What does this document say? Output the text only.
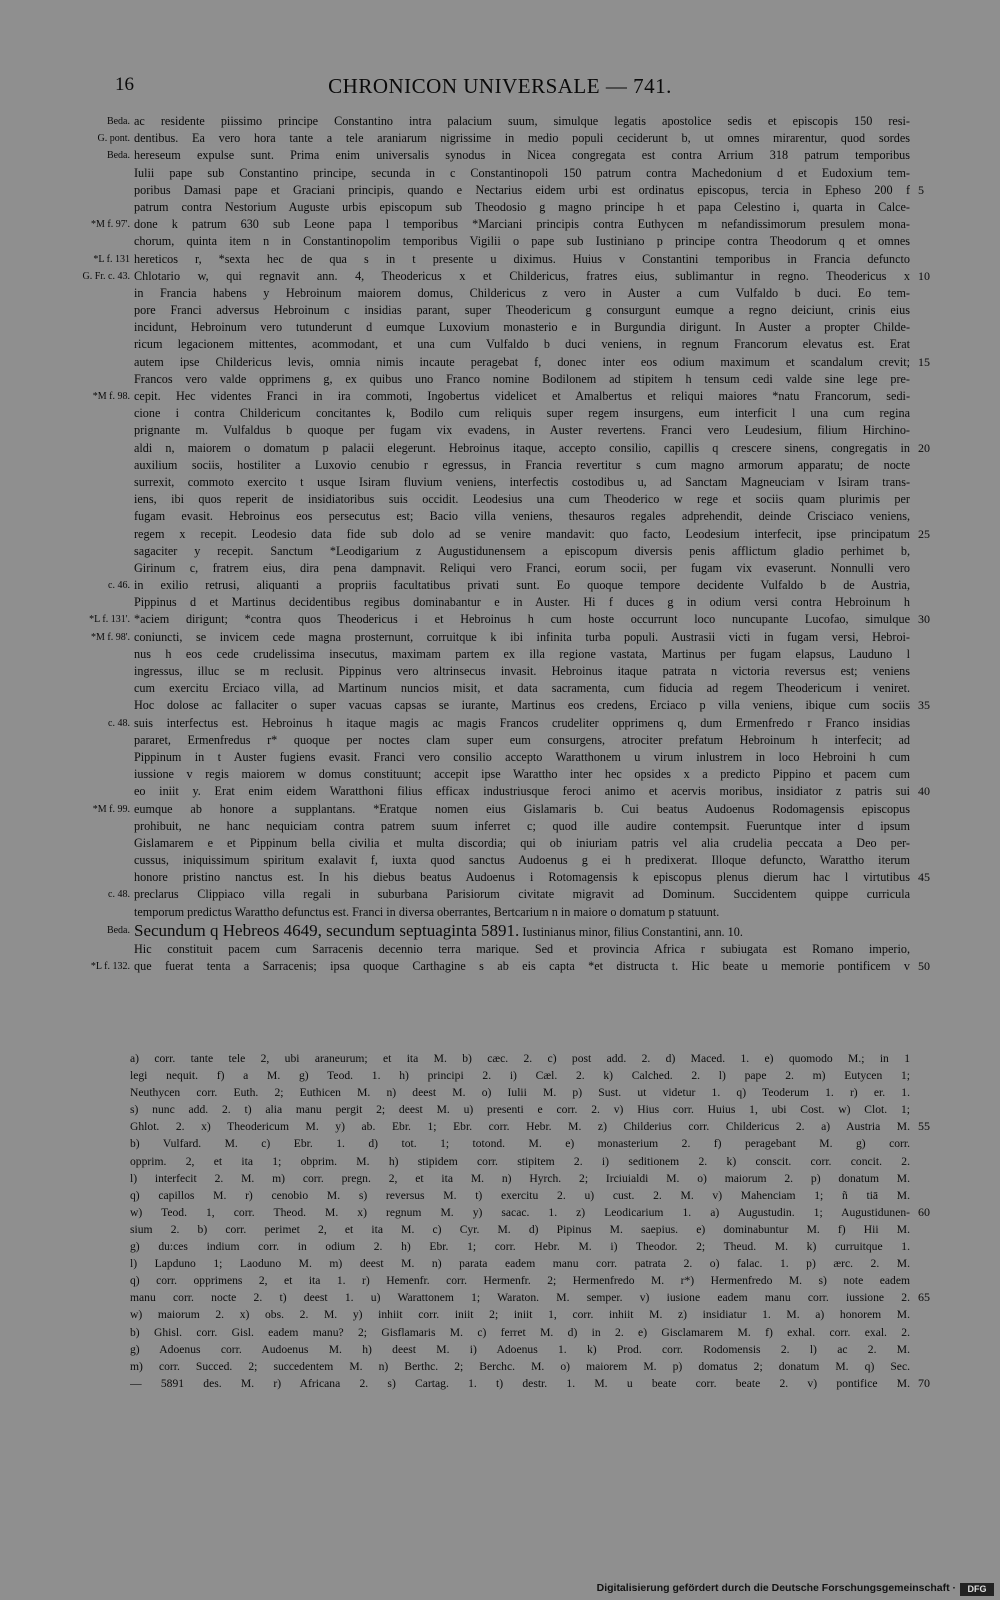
16	CHRONICON UNIVERSALE — 741.
Beda. ac residente piissimo principe Constantino intra palacium suum, simulque legatis apostolice sedis et episcopis 150 resi-
G. pont. dentibus. Ea vero hora tante a tele araniarum nigrissime in medio populi ceciderunt b, ut omnes mirarentur, quod sordes
Beda. hereseum expulse sunt. Prima enim universalis synodus in Nicea congregata est contra Arrium 318 patrum temporibus
Iulii pape sub Constantino principe, secunda in c Constantinopoli 150 patrum contra Machedonium d et Eudoxium tem-
poribus Damasi pape et Graciani principis, quando e Nectarius eidem urbi est ordinatus episcopus, tercia in Epheso 200 f 5
patrum contra Nestorium Auguste urbis episcopum sub Theodosio g magno principe h et papa Celestino i, quarta in Calce-
*M f. 97'. done k patrum 630 sub Leone papa l temporibus *Marciani principis contra Euthycen m nefandissimorum presulem mona-
chorum, quinta item n in Constantinopolim temporibus Vigilii o pape sub Iustiniano p principe contra Theodorum q et omnes
*L f. 131 hereticos r, *sexta hec de qua s in t presente u diximus. Huius v Constantini temporibus in Francia defuncto
G. Fr. c. 43. Chlotario w, qui regnavit ann. 4, Theodericus x et Childericus, fratres eius, sublimantur in regno. Theodericus x 10
in Francia habens y Hebroinum maiorem domus, Childericus z vero in Auster a cum Vulfaldo b duci. Eo tem-
pore Franci adversus Hebroinum c insidias parant, super Theodericum g consurgunt eumque a regno deiciunt, crinis eius
incidunt, Hebroinum vero tutunderunt d eumque Luxovium monasterio e in Burgundia dirigunt. In Auster a propter Childe-
ricum legacionem mittentes, acommodant, et una cum Vulfaldo b duci veniens, in regnum Francorum elevatus est. Erat
autem ipse Childericus levis, omnia nimis incaute peragebat f, donec inter eos odium maximum et scandalum crevit; 15
Francos vero valde opprimens g, ex quibus uno Franco nomine Bodilonem ad stipitem h tensum cedi valde sine lege pre-
*M f. 98. cepit. Hec videntes Franci in ira commoti, Ingobertus videlicet et Amalbertus et reliqui maiores *natu Francorum, sedi-
cione i contra Childericum concitantes k, Bodilo cum reliquis super regem insurgens, eum interficit l una cum regina
prignante m. Vulfaldus b quoque per fugam vix evadens, in Auster revertens. Franci vero Leudesium, filium Hirchino-
aldi n, maiorem o domatum p palacii elegerunt. Hebroinus itaque, accepto consilio, capillis q crescere sinens, congregatis in 20
auxilium sociis, hostiliter a Luxovio cenubio r egressus, in Francia revertitur s cum magno armorum apparatu; de nocte
surrexit, commoto exercito t usque Isiram fluvium veniens, interfectis costodibus u, ad Sanctam Magneuciam v Isiram trans-
iens, ibi quos reperit de insidiatoribus suis occidit. Leodesius una cum Theoderico w rege et sociis quam plurimis per
fugam evasit. Hebroinus eos persecutus est; Bacio villa veniens, thesauros regales adprehendit, deinde Crisciaco veniens,
regem x recepit. Leodesio data fide sub dolo ad se venire mandavit: quo facto, Leodesium interfecit, ipse principatum 25
sagaciter y recepit. Sanctum *Leodigarium z Augustidunensem a episcopum diversis penis afflictum gladio perhimet b,
Girinum c, fratrem eius, dira pena dampnavit. Reliqui vero Franci, eorum socii, per fugam vix evaserunt. Nonnulli vero
c. 46. in exilio retrusi, aliquanti a propriis facultatibus privati sunt. Eo quoque tempore decidente Vulfaldo b de Austria,
Pippinus d et Martinus decidentibus regibus dominabantur e in Auster. Hi f duces g in odium versi contra Hebroinum h
*L f. 131'. *aciem dirigunt; *contra quos Theodericus i et Hebroinus h cum hoste occurrunt loco nuncupante Lucofao, simulque 30
*M f. 98'. coniuncti, se invicem cede magna prosternunt, corruitque k ibi infinita turba populi. Austrasii victi in fugam versi, Hebroi-
nus h eos cede crudelissima insecutus, maximam partem ex illa regione vastata, Martinus per fugam elapsus, Lauduno l
ingressus, illuc se m reclusit. Pippinus vero altrinsecus invasit. Hebroinus itaque patrata n victoria reversus est; veniens
cum exercitu Erciaco villa, ad Martinum nuncios misit, et data sacramenta, cum fiducia ad regem Theodericum i veniret.
Hoc dolose ac fallaciter o super vacuas capsas se iurante, Martinus eos credens, Erciaco p villa veniens, ibique cum sociis 35
c. 48. suis interfectus est. Hebroinus h itaque magis ac magis Francos crudeliter opprimens q, dum Ermenfredo r Franco insidias
pararet, Ermenfredus r* quoque per noctes clam super eum consurgens, atrociter prefatum Hebroinum h interfecit; ad
Pippinum in t Auster fugiens evasit. Franci vero consilio accepto Waratthonem u virum inlustrem in loco Hebroini h cum
iussione v regis maiorem w domus constituunt; accepit ipse Warattho inter hec opsides x a predicto Pippino et pacem cum
eo iniit y. Erat enim eidem Waratthoni filius efficax industriusque feroci animo et acervis moribus, insidiator z patris sui 40
*M f. 99. eumque ab honore a supplantans. *Eratque nomen eius Gislamaris b. Cui beatus Audoenus Rodomagensis episcopus
prohibuit, ne hanc nequiciam contra patrem suum inferret c; quod ille audire contempsit. Fueruntque inter d ipsum
Gislamarem e et Pippinum bella civilia et multa discordia; qui ob iniuriam patris vel alia crudelia peccata a Deo per-
cussus, iniquissimum spiritum exalavit f, iuxta quod sanctus Audoenus g ei h predixerat. Illoque defuncto, Warattho iterum
honore pristino nanctus est. In his diebus beatus Audoenus i Rotomagensis k episcopus plenus dierum hac l virtutibus 45
c. 48. preclarus Clippiaco villa regali in suburbana Parisiorum civitate migravit ad Dominum. Succidentem quippe curricula
temporum predictus Warattho defunctus est. Franci in diversa oberrantes, Bertcarium n in maiore o domatum p statuunt.
Beda. Secundum q Hebreos 4649, secundum septuaginta 5891. Iustinianus minor, filius Constantini, ann. 10.
Hic constituit pacem cum Sarracenis decennio terra marique. Sed et provincia Africa r subiugata est Romano imperio,
*L f. 132. que fuerat tenta a Sarracenis; ipsa quoque Carthagine s ab eis capta *et distructa t. Hic beate u memorie pontificem v 50
a) corr. tante tele 2, ubi araneurum; et ita M. b) cæc. 2. c) post add. 2. d) Maced. 1. e) quomodo M.; in 1
legi nequit. f) a M. g) Teod. 1. h) principi 2. i) Cæl. 2. k) Calched. 2. l) pape 2. m) Eutycen 1;
Neuthycen corr. Euth. 2; Euthicen M. n) deest M. o) Iulii M. p) Sust. ut videtur 1. q) Teoderum 1. r) er. 1.
s) nunc add. 2. t) alia manu pergit 2; deest M. u) presenti e corr. 2. v) Hius corr. Huius 1, ubi Cost. w) Clot. 1;
Ghlot. 2. x) Theodericum M. y) ab. Ebr. 1; Ebr. corr. Hebr. M. z) Childerius corr. Childericus 2. a) Austria M. 55
b) Vulfard. M. c) Ebr. 1. d) tot. 1; totond. M. e) monasterium 2. f) peragebant M. g) corr.
opprim. 2, et ita 1; obprim. M. h) stipidem corr. stipitem 2. i) seditionem 2. k) conscit. corr. concit. 2.
l) interfecit 2. M. m) corr. pregn. 2, et ita M. n) Hyrch. 2; Irciuialdi M. o) maiorum 2. p) donatum M.
q) capillos M. r) cenobio M. s) reversus M. t) exercitu 2. u) cust. 2. M. v) Mahenciam 1; ñ tiā M.
w) Teod. 1, corr. Theod. M. x) regnum M. y) sacac. 1. z) Leodicarium 1. a) Augustudin. 1; Augustidunen- 60
sium 2. b) corr. perimet 2, et ita M. c) Cyr. M. d) Pipinus M. saepius. e) dominabuntur M. f) Hii M.
g) du:ces indium corr. in odium 2. h) Ebr. 1; corr. Hebr. M. i) Theodor. 2; Theud. M. k) curruitque 1.
l) Lapduno 1; Laoduno M. m) deest M. n) parata eadem manu corr. patrata 2. o) falac. 1. p) ærc. 2. M.
q) corr. opprimens 2, et ita 1. r) Hemenfr. corr. Hermenfr. 2; Hermenfredo M. r*) Hermenfredo M. s) note eadem
manu corr. nocte 2. t) deest 1. u) Warattonem 1; Waraton. M. semper. v) iusione eadem manu corr. iussione 2. 65
w) maiorum 2. x) obs. 2. M. y) inhiit corr. iniit 2; iniit 1, corr. inhiit M. z) insidiatur 1. M. a) honorem M.
b) Ghisl. corr. Gisl. eadem manu? 2; Gisflamaris M. c) ferret M. d) in 2. e) Gisclamarem M. f) exhal. corr. exal. 2.
g) Adoenus corr. Audoenus M. h) deest M. i) Adoenus 1. k) Prod. corr. Rodomensis 2. l) ac 2. M.
m) corr. Succed. 2; succedentem M. n) Berthc. 2; Berchc. M. o) maiorem M. p) domatus 2; donatum M. q) Sec.
— 5891 des. M. r) Africana 2. s) Cartag. 1. t) destr. 1. M. u beate corr. beate 2. v) pontifice M. 70
Digitalisierung gefördert durch die Deutsche Forschungsgemeinschaft ·	DFG
